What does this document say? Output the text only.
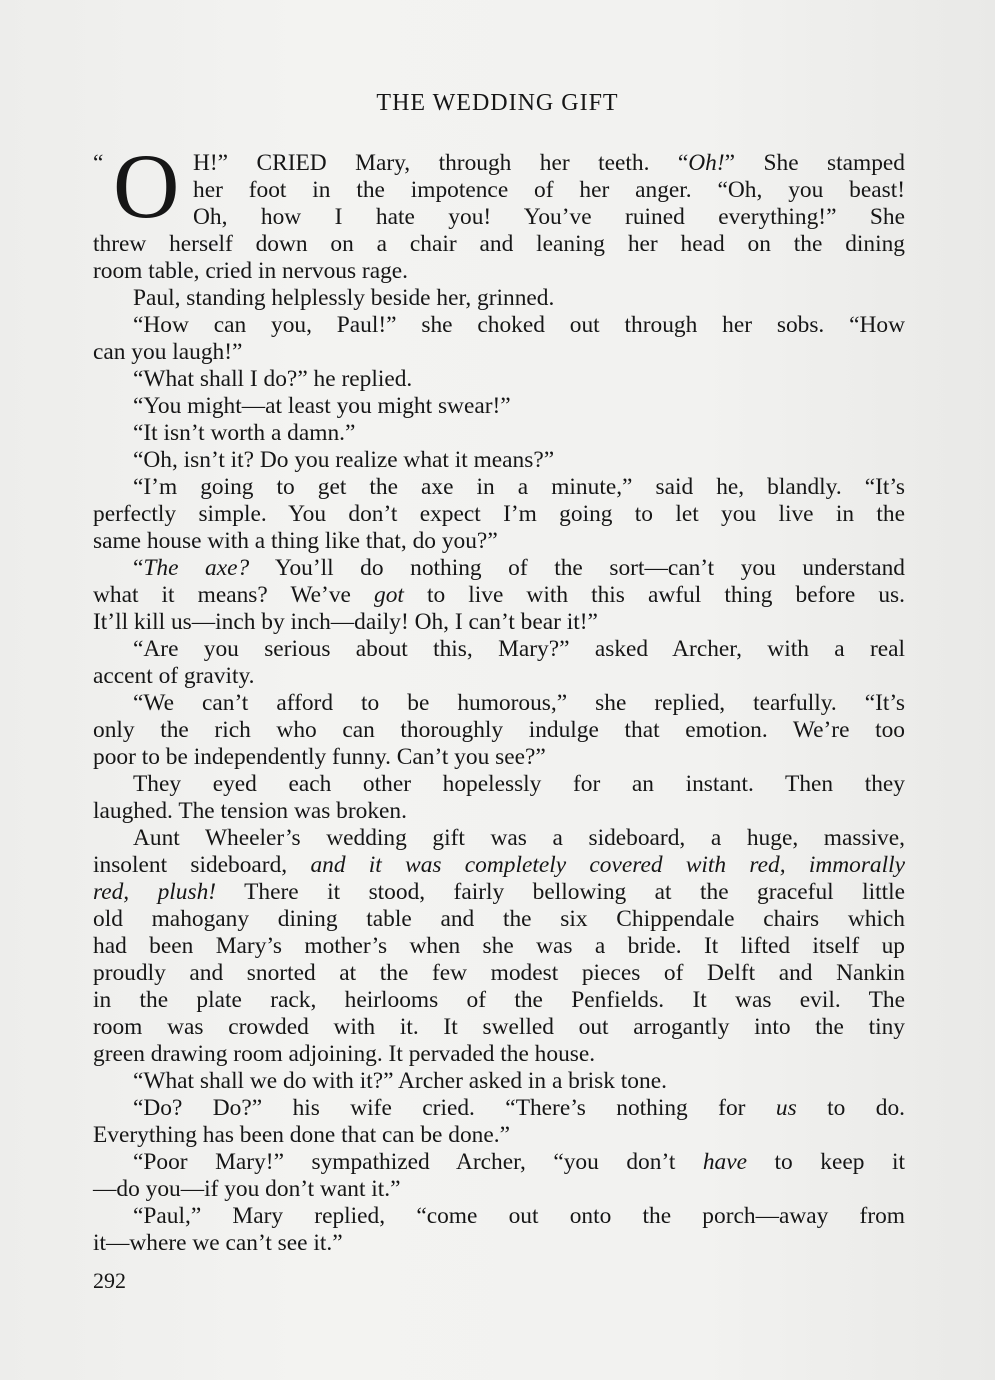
THE WEDDING GIFT
“ O H!” CRIED Mary, through her teeth. “Oh!” She stamped
her foot in the impotence of her anger. “Oh, you beast!
Oh, how I hate you! You’ve ruined everything!” She
threw herself down on a chair and leaning her head on the dining
room table, cried in nervous rage.
Paul, standing helplessly beside her, grinned.
“How can you, Paul!” she choked out through her sobs. “How
can you laugh!”
“What shall I do?” he replied.
“You might—at least you might swear!”
“It isn’t worth a damn.”
“Oh, isn’t it? Do you realize what it means?”
“I’m going to get the axe in a minute,” said he, blandly. “It’s
perfectly simple. You don’t expect I’m going to let you live in the
same house with a thing like that, do you?”
“The axe? You’ll do nothing of the sort—can’t you understand
what it means? We’ve got to live with this awful thing before us.
It’ll kill us—inch by inch—daily! Oh, I can’t bear it!”
“Are you serious about this, Mary?” asked Archer, with a real
accent of gravity.
“We can’t afford to be humorous,” she replied, tearfully. “It’s
only the rich who can thoroughly indulge that emotion. We’re too
poor to be independently funny. Can’t you see?”
They eyed each other hopelessly for an instant. Then they
laughed. The tension was broken.
Aunt Wheeler’s wedding gift was a sideboard, a huge, massive,
insolent sideboard, and it was completely covered with red, immorally
red, plush! There it stood, fairly bellowing at the graceful little
old mahogany dining table and the six Chippendale chairs which
had been Mary’s mother’s when she was a bride. It lifted itself up
proudly and snorted at the few modest pieces of Delft and Nankin
in the plate rack, heirlooms of the Penfields. It was evil. The
room was crowded with it. It swelled out arrogantly into the tiny
green drawing room adjoining. It pervaded the house.
“What shall we do with it?” Archer asked in a brisk tone.
“Do? Do?” his wife cried. “There’s nothing for us to do.
Everything has been done that can be done.”
“Poor Mary!” sympathized Archer, “you don’t have to keep it
—do you—if you don’t want it.”
“Paul,” Mary replied, “come out onto the porch—away from
it—where we can’t see it.”
292
